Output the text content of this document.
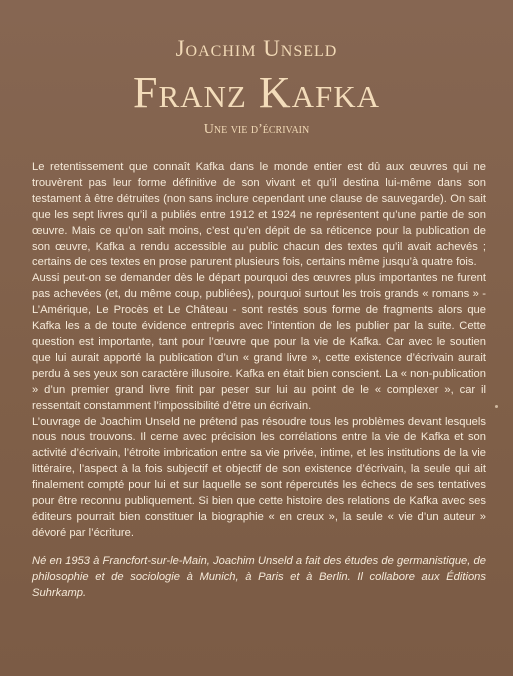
Joachim Unseld
Franz Kafka
Une vie d’écrivain

Le retentissement que connaît Kafka dans le monde entier est dû aux œuvres qui ne trouvèrent pas leur forme définitive de son vivant et qu’il destina lui-même dans son testament à être détruites (non sans inclure cependant une clause de sauvegarde). On sait que les sept livres qu’il a publiés entre 1912 et 1924 ne représentent qu’une partie de son œuvre. Mais ce qu’on sait moins, c’est qu’en dépit de sa réticence pour la publication de son œuvre, Kafka a rendu accessible au public chacun des textes qu’il avait achevés ; certains de ces textes en prose parurent plusieurs fois, certains même jusqu’à quatre fois.

Aussi peut-on se demander dès le départ pourquoi des œuvres plus importantes ne furent pas achevées (et, du même coup, publiées), pourquoi surtout les trois grands « romans » - L’Amérique, Le Procès et Le Château - sont restés sous forme de fragments alors que Kafka les a de toute évidence entrepris avec l’intention de les publier par la suite. Cette question est importante, tant pour l’œuvre que pour la vie de Kafka. Car avec le soutien que lui aurait apporté la publication d’un « grand livre », cette existence d’écrivain aurait perdu à ses yeux son caractère illusoire. Kafka en était bien conscient. La « non-publication » d’un premier grand livre finit par peser sur lui au point de le « complexer », car il ressentait constamment l’impossibilité d’être un écrivain.

L’ouvrage de Joachim Unseld ne prétend pas résoudre tous les problèmes devant lesquels nous nous trouvons. Il cerne avec précision les corrélations entre la vie de Kafka et son activité d’écrivain, l’étroite imbrication entre sa vie privée, intime, et les institutions de la vie littéraire, l’aspect à la fois subjectif et objectif de son existence d’écrivain, la seule qui ait finalement compté pour lui et sur laquelle se sont répercutés les échecs de ses tentatives pour être reconnu publiquement. Si bien que cette histoire des relations de Kafka avec ses éditeurs pourrait bien constituer la biographie « en creux », la seule « vie d’un auteur » dévoré par l’écriture.

Né en 1953 à Francfort-sur-le-Main, Joachim Unseld a fait des études de germanistique, de philosophie et de sociologie à Munich, à Paris et à Berlin. Il collabore aux Éditions Suhrkamp.
